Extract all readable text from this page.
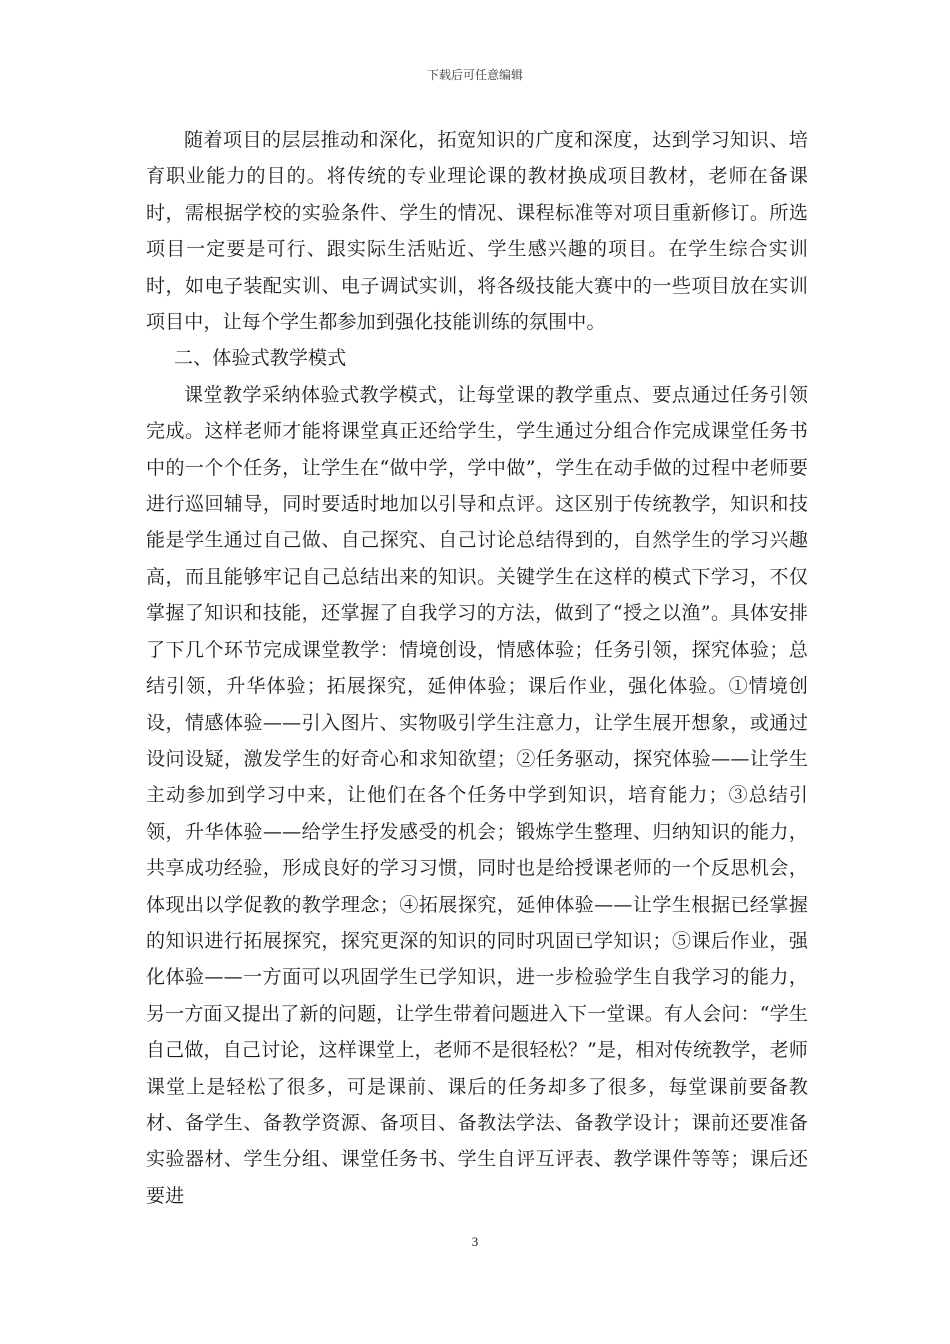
下载后可任意编辑

随着项目的层层推动和深化，拓宽知识的广度和深度，达到学习知识、培育职业能力的目的。将传统的专业理论课的教材换成项目教材，老师在备课时，需根据学校的实验条件、学生的情况、课程标准等对项目重新修订。所选项目一定要是可行、跟实际生活贴近、学生感兴趣的项目。在学生综合实训时，如电子装配实训、电子调试实训，将各级技能大赛中的一些项目放在实训项目中，让每个学生都参加到强化技能训练的氛围中。

二、体验式教学模式

课堂教学采纳体验式教学模式，让每堂课的教学重点、要点通过任务引领完成。这样老师才能将课堂真正还给学生，学生通过分组合作完成课堂任务书中的一个个任务，让学生在“做中学，学中做”，学生在动手做的过程中老师要进行巡回辅导，同时要适时地加以引导和点评。这区别于传统教学，知识和技能是学生通过自己做、自己探究、自己讨论总结得到的，自然学生的学习兴趣高，而且能够牢记自己总结出来的知识。关键学生在这样的模式下学习，不仅掌握了知识和技能，还掌握了自我学习的方法，做到了“授之以渔”。具体安排了下几个环节完成课堂教学：情境创设，情感体验；任务引领，探究体验；总结引领，升华体验；拓展探究，延伸体验；课后作业，强化体验。①情境创设，情感体验——引入图片、实物吸引学生注意力，让学生展开想象，或通过设问设疑，激发学生的好奇心和求知欲望；②任务驱动，探究体验——让学生主动参加到学习中来，让他们在各个任务中学到知识，培育能力；③总结引领，升华体验——给学生抒发感受的机会；锻炼学生整理、归纳知识的能力，共享成功经验，形成良好的学习习惯，同时也是给授课老师的一个反思机会，体现出以学促教的教学理念；④拓展探究，延伸体验——让学生根据已经掌握的知识进行拓展探究，探究更深的知识的同时巩固已学知识；⑤课后作业，强化体验——一方面可以巩固学生已学知识，进一步检验学生自我学习的能力，另一方面又提出了新的问题，让学生带着问题进入下一堂课。有人会问：“学生自己做，自己讨论，这样课堂上，老师不是很轻松？”是，相对传统教学，老师课堂上是轻松了很多，可是课前、课后的任务却多了很多，每堂课前要备教材、备学生、备教学资源、备项目、备教法学法、备教学设计；课前还要准备实验器材、学生分组、课堂任务书、学生自评互评表、教学课件等等；课后还要进

3
